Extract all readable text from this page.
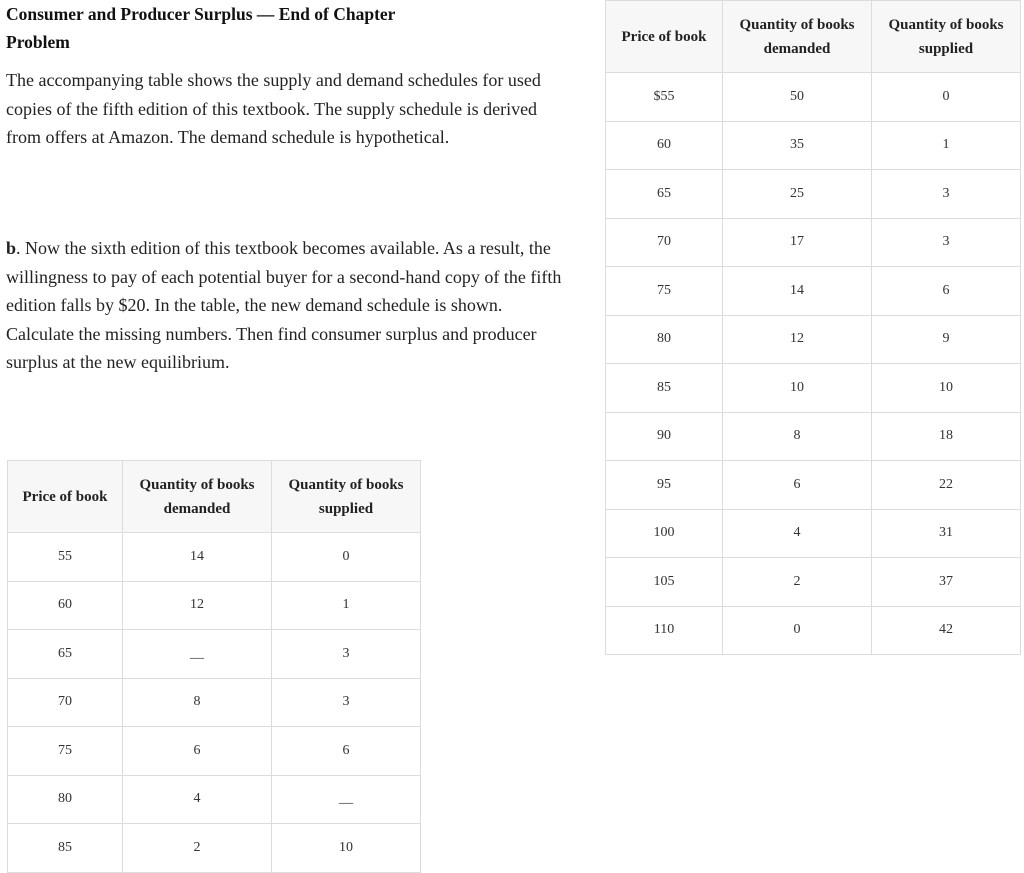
Consumer and Producer Surplus — End of Chapter
Problem

The accompanying table shows the supply and demand schedules for used copies of the fifth edition of this textbook. The supply schedule is derived from offers at Amazon. The demand schedule is hypothetical.

b. Now the sixth edition of this textbook becomes available. As a result, the willingness to pay of each potential buyer for a second-hand copy of the fifth edition falls by $20. In the table, the new demand schedule is shown. Calculate the missing numbers. Then find consumer surplus and producer surplus at the new equilibrium.

Price of book	Quantity of books demanded	Quantity of books supplied
$55	50	0
60	35	1
65	25	3
70	17	3
75	14	6
80	12	9
85	10	10
90	8	18
95	6	22
100	4	31
105	2	37
110	0	42
Price of book	Quantity of books demanded	Quantity of books supplied
55	14	0
60	12	1
65	__	3
70	8	3
75	6	6
80	4	__
85	2	10
